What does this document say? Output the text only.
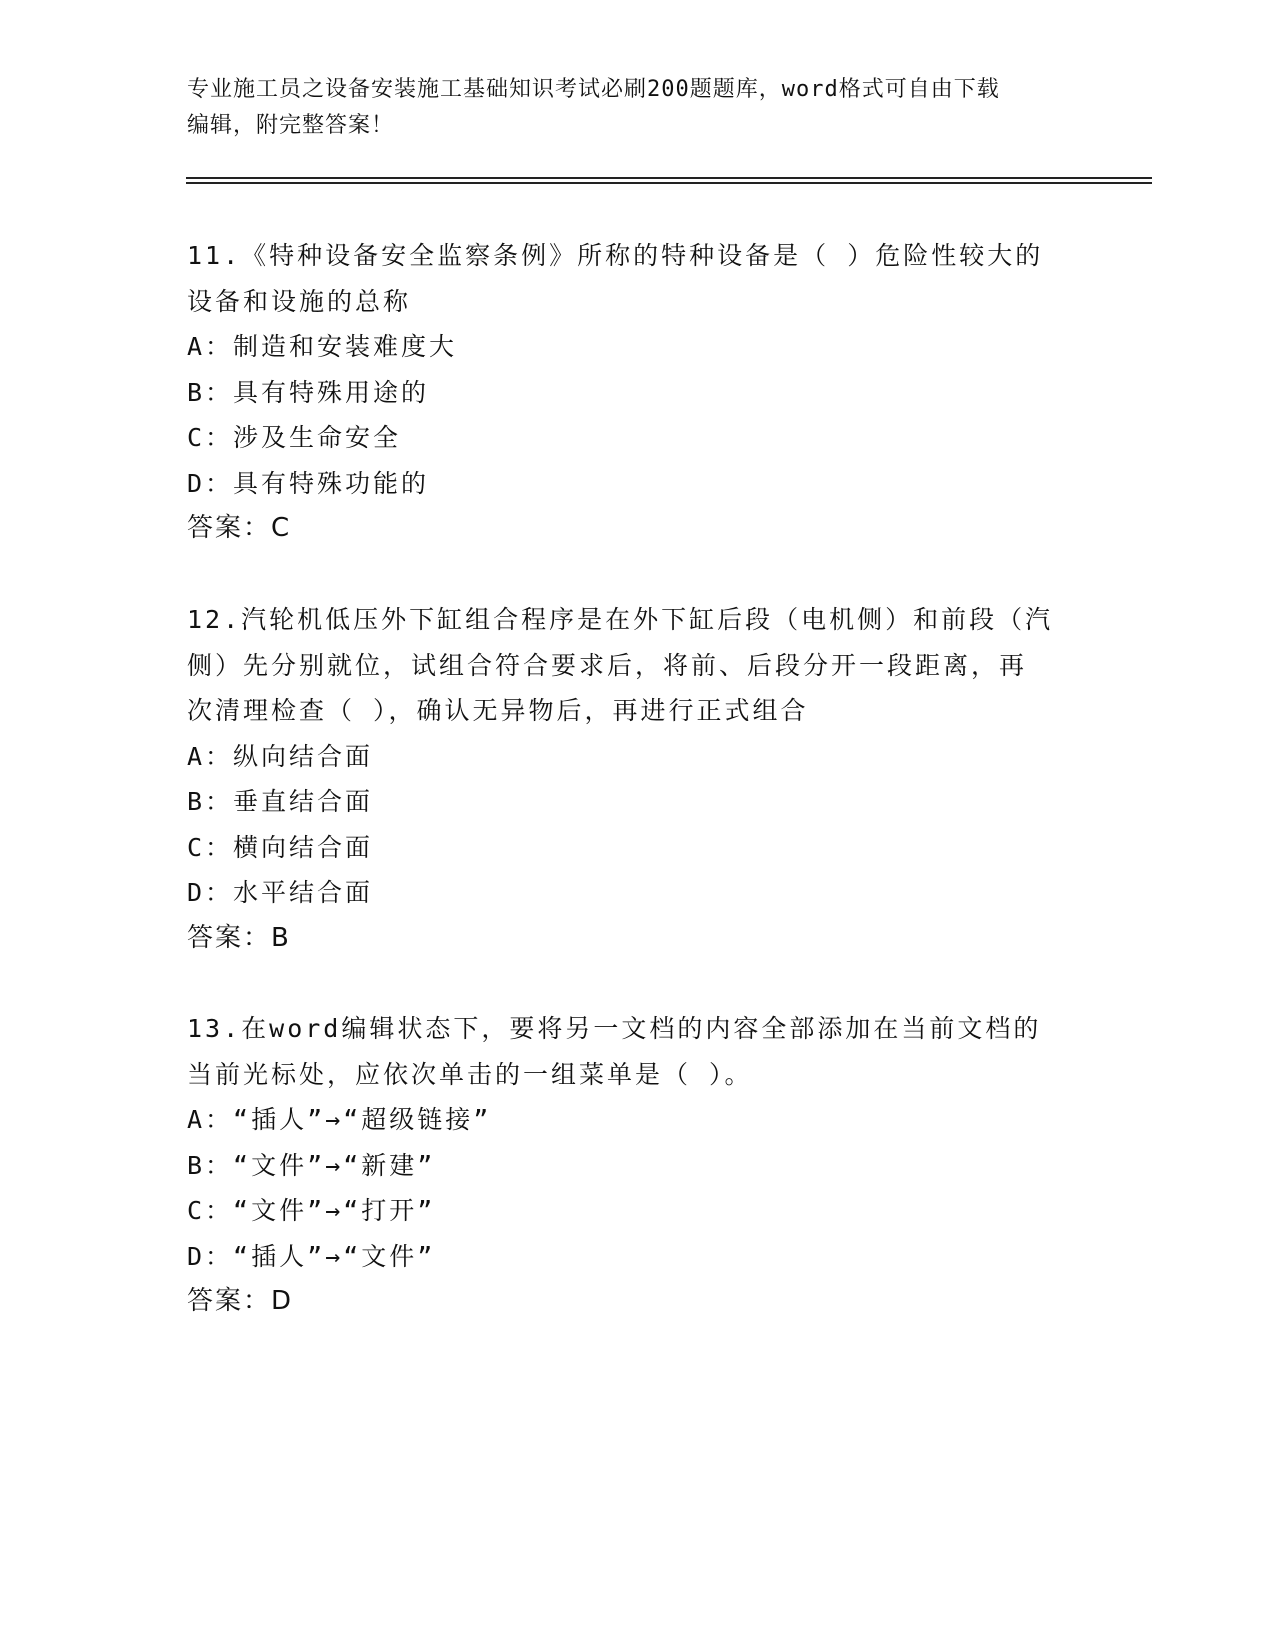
专业施工员之设备安装施工基础知识考试必刷200题题库，word格式可自由下载
编辑，附完整答案！

11.《特种设备安全监察条例》所称的特种设备是（ ）危险性较大的

设备和设施的总称

A：制造和安装难度大

B：具有特殊用途的

C：涉及生命安全

D：具有特殊功能的

答案：C

12.汽轮机低压外下缸组合程序是在外下缸后段（电机侧）和前段（汽

侧）先分别就位，试组合符合要求后，将前、后段分开一段距离，再

次清理检查（ ），确认无异物后，再进行正式组合

A：纵向结合面

B：垂直结合面

C：横向结合面

D：水平结合面

答案：B

13.在word编辑状态下，要将另一文档的内容全部添加在当前文档的

当前光标处，应依次单击的一组菜单是（ ）。

A：“插人”→“超级链接”

B：“文件”→“新建”

C：“文件”→“打开”

D：“插人”→“文件”

答案：D
